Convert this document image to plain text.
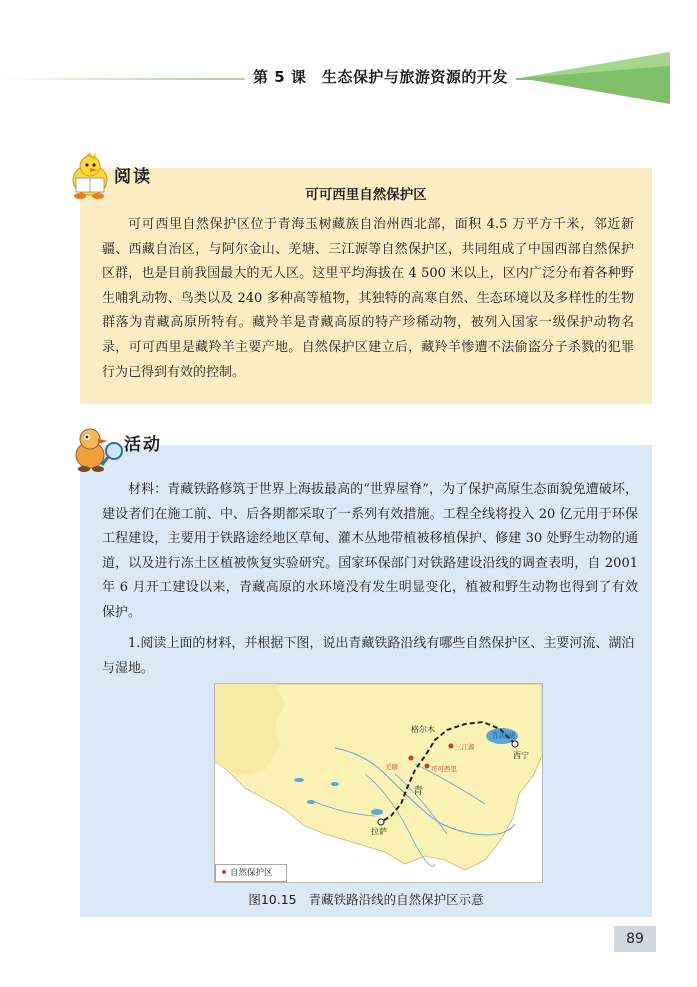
第 5 课　生态保护与旅游资源的开发
阅读
可可西里自然保护区

可可西里自然保护区位于青海玉树藏族自治州西北部，面积 4.5 万平方千米，邻近新疆、西藏自治区，与阿尔金山、羌塘、三江源等自然保护区，共同组成了中国西部自然保护区群，也是目前我国最大的无人区。这里平均海拔在 4 500 米以上，区内广泛分布着各种野生哺乳动物、鸟类以及 240 多种高等植物，其独特的高寒自然、生态环境以及多样性的生物群落为青藏高原所特有。藏羚羊是青藏高原的特产珍稀动物，被列入国家一级保护动物名录，可可西里是藏羚羊主要产地。自然保护区建立后，藏羚羊惨遭不法偷盗分子杀戮的犯罪行为已得到有效的控制。

活动

材料：青藏铁路修筑于世界上海拔最高的“世界屋脊”，为了保护高原生态面貌免遭破坏，建设者们在施工前、中、后各期都采取了一系列有效措施。工程全线将投入 20 亿元用于环保工程建设，主要用于铁路途经地区草甸、灌木丛地带植被移植保护、修建 30 处野生动物的通道，以及进行冻土区植被恢复实验研究。国家环保部门对铁路建设沿线的调查表明，自 2001 年 6 月开工建设以来，青藏高原的水环境没有发生明显变化，植被和野生动物也得到了有效保护。

1.阅读上面的材料，并根据下图，说出青藏铁路沿线有哪些自然保护区、主要河流、湖泊与湿地。

格尔木
青海湖
西宁
拉萨
青
三江源
可可西里
羌塘
自然保护区
图10.15 青藏铁路沿线的自然保护区示意
89
